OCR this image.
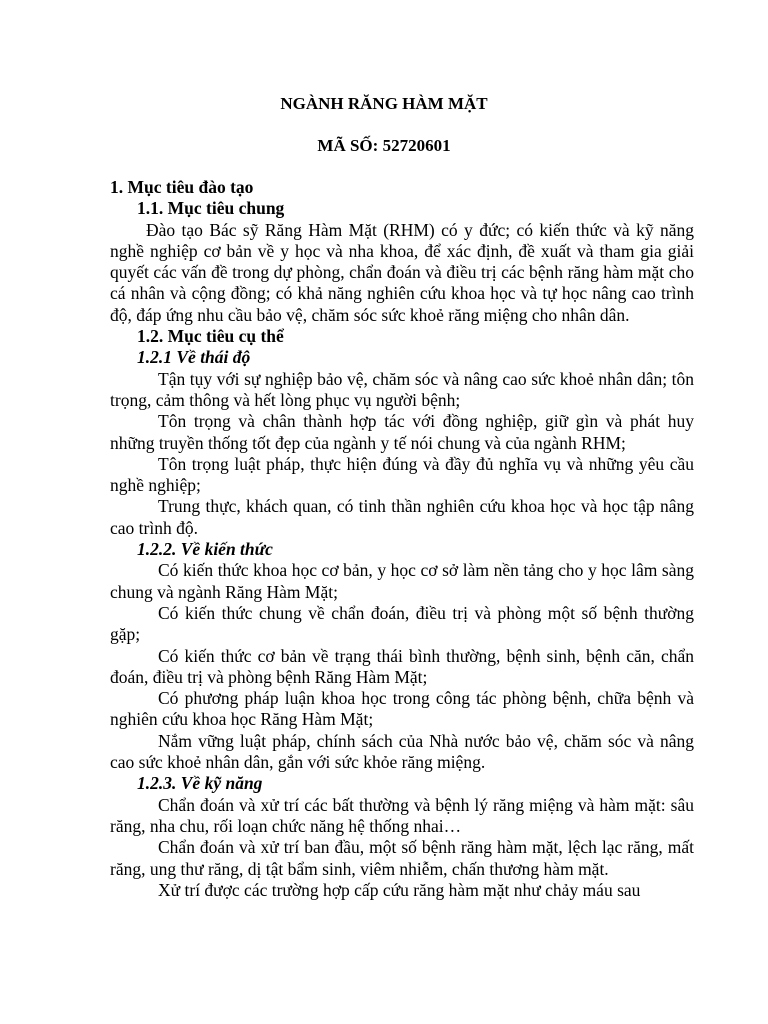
NGÀNH RĂNG HÀM MẶT
MÃ SỐ: 52720601

1. Mục tiêu đào tạo

1.1. Mục tiêu chung

Đào tạo Bác sỹ Răng Hàm Mặt (RHM) có y đức; có kiến thức và kỹ năng nghề nghiệp cơ bản về y học và nha khoa, để xác định, đề xuất và tham gia giải quyết các vấn đề trong dự phòng, chẩn đoán và điều trị các bệnh răng hàm mặt cho cá nhân và cộng đồng; có khả năng nghiên cứu khoa học và tự học nâng cao trình độ, đáp ứng nhu cầu bảo vệ, chăm sóc sức khoẻ răng miệng cho nhân dân.

1.2. Mục tiêu cụ thể

1.2.1 Về thái độ

Tận tụy với sự nghiệp bảo vệ, chăm sóc và nâng cao sức khoẻ nhân dân; tôn trọng, cảm thông và hết lòng phục vụ người bệnh;

Tôn trọng và chân thành hợp tác với đồng nghiệp, giữ gìn và phát huy những truyền thống tốt đẹp của ngành y tế nói chung và của ngành RHM;

Tôn trọng luật pháp, thực hiện đúng và đầy đủ nghĩa vụ và những yêu cầu nghề nghiệp;

Trung thực, khách quan, có tinh thần nghiên cứu khoa học và học tập nâng cao trình độ.

1.2.2. Về kiến thức

Có kiến thức khoa học cơ bản, y học cơ sở làm nền tảng cho y học lâm sàng chung và ngành Răng Hàm Mặt;

Có kiến thức chung về chẩn đoán, điều trị và phòng một số bệnh thường gặp;

Có kiến thức cơ bản về trạng thái bình thường, bệnh sinh, bệnh căn, chẩn đoán, điều trị và phòng bệnh Răng Hàm Mặt;

Có phương pháp luận khoa học trong công tác phòng bệnh, chữa bệnh và nghiên cứu khoa học Răng Hàm Mặt;

Nắm vững luật pháp, chính sách của Nhà nước bảo vệ, chăm sóc và nâng cao sức khoẻ nhân dân, gắn với sức khỏe răng miệng.

1.2.3. Về kỹ năng

Chẩn đoán và xử trí các bất thường và bệnh lý răng miệng và hàm mặt: sâu răng, nha chu, rối loạn chức năng hệ thống nhai…

Chẩn đoán và xử trí ban đầu, một số bệnh răng hàm mặt, lệch lạc răng, mất răng, ung thư răng, dị tật bẩm sinh, viêm nhiễm, chấn thương hàm mặt.

Xử trí được các trường hợp cấp cứu răng hàm mặt như chảy máu sau
